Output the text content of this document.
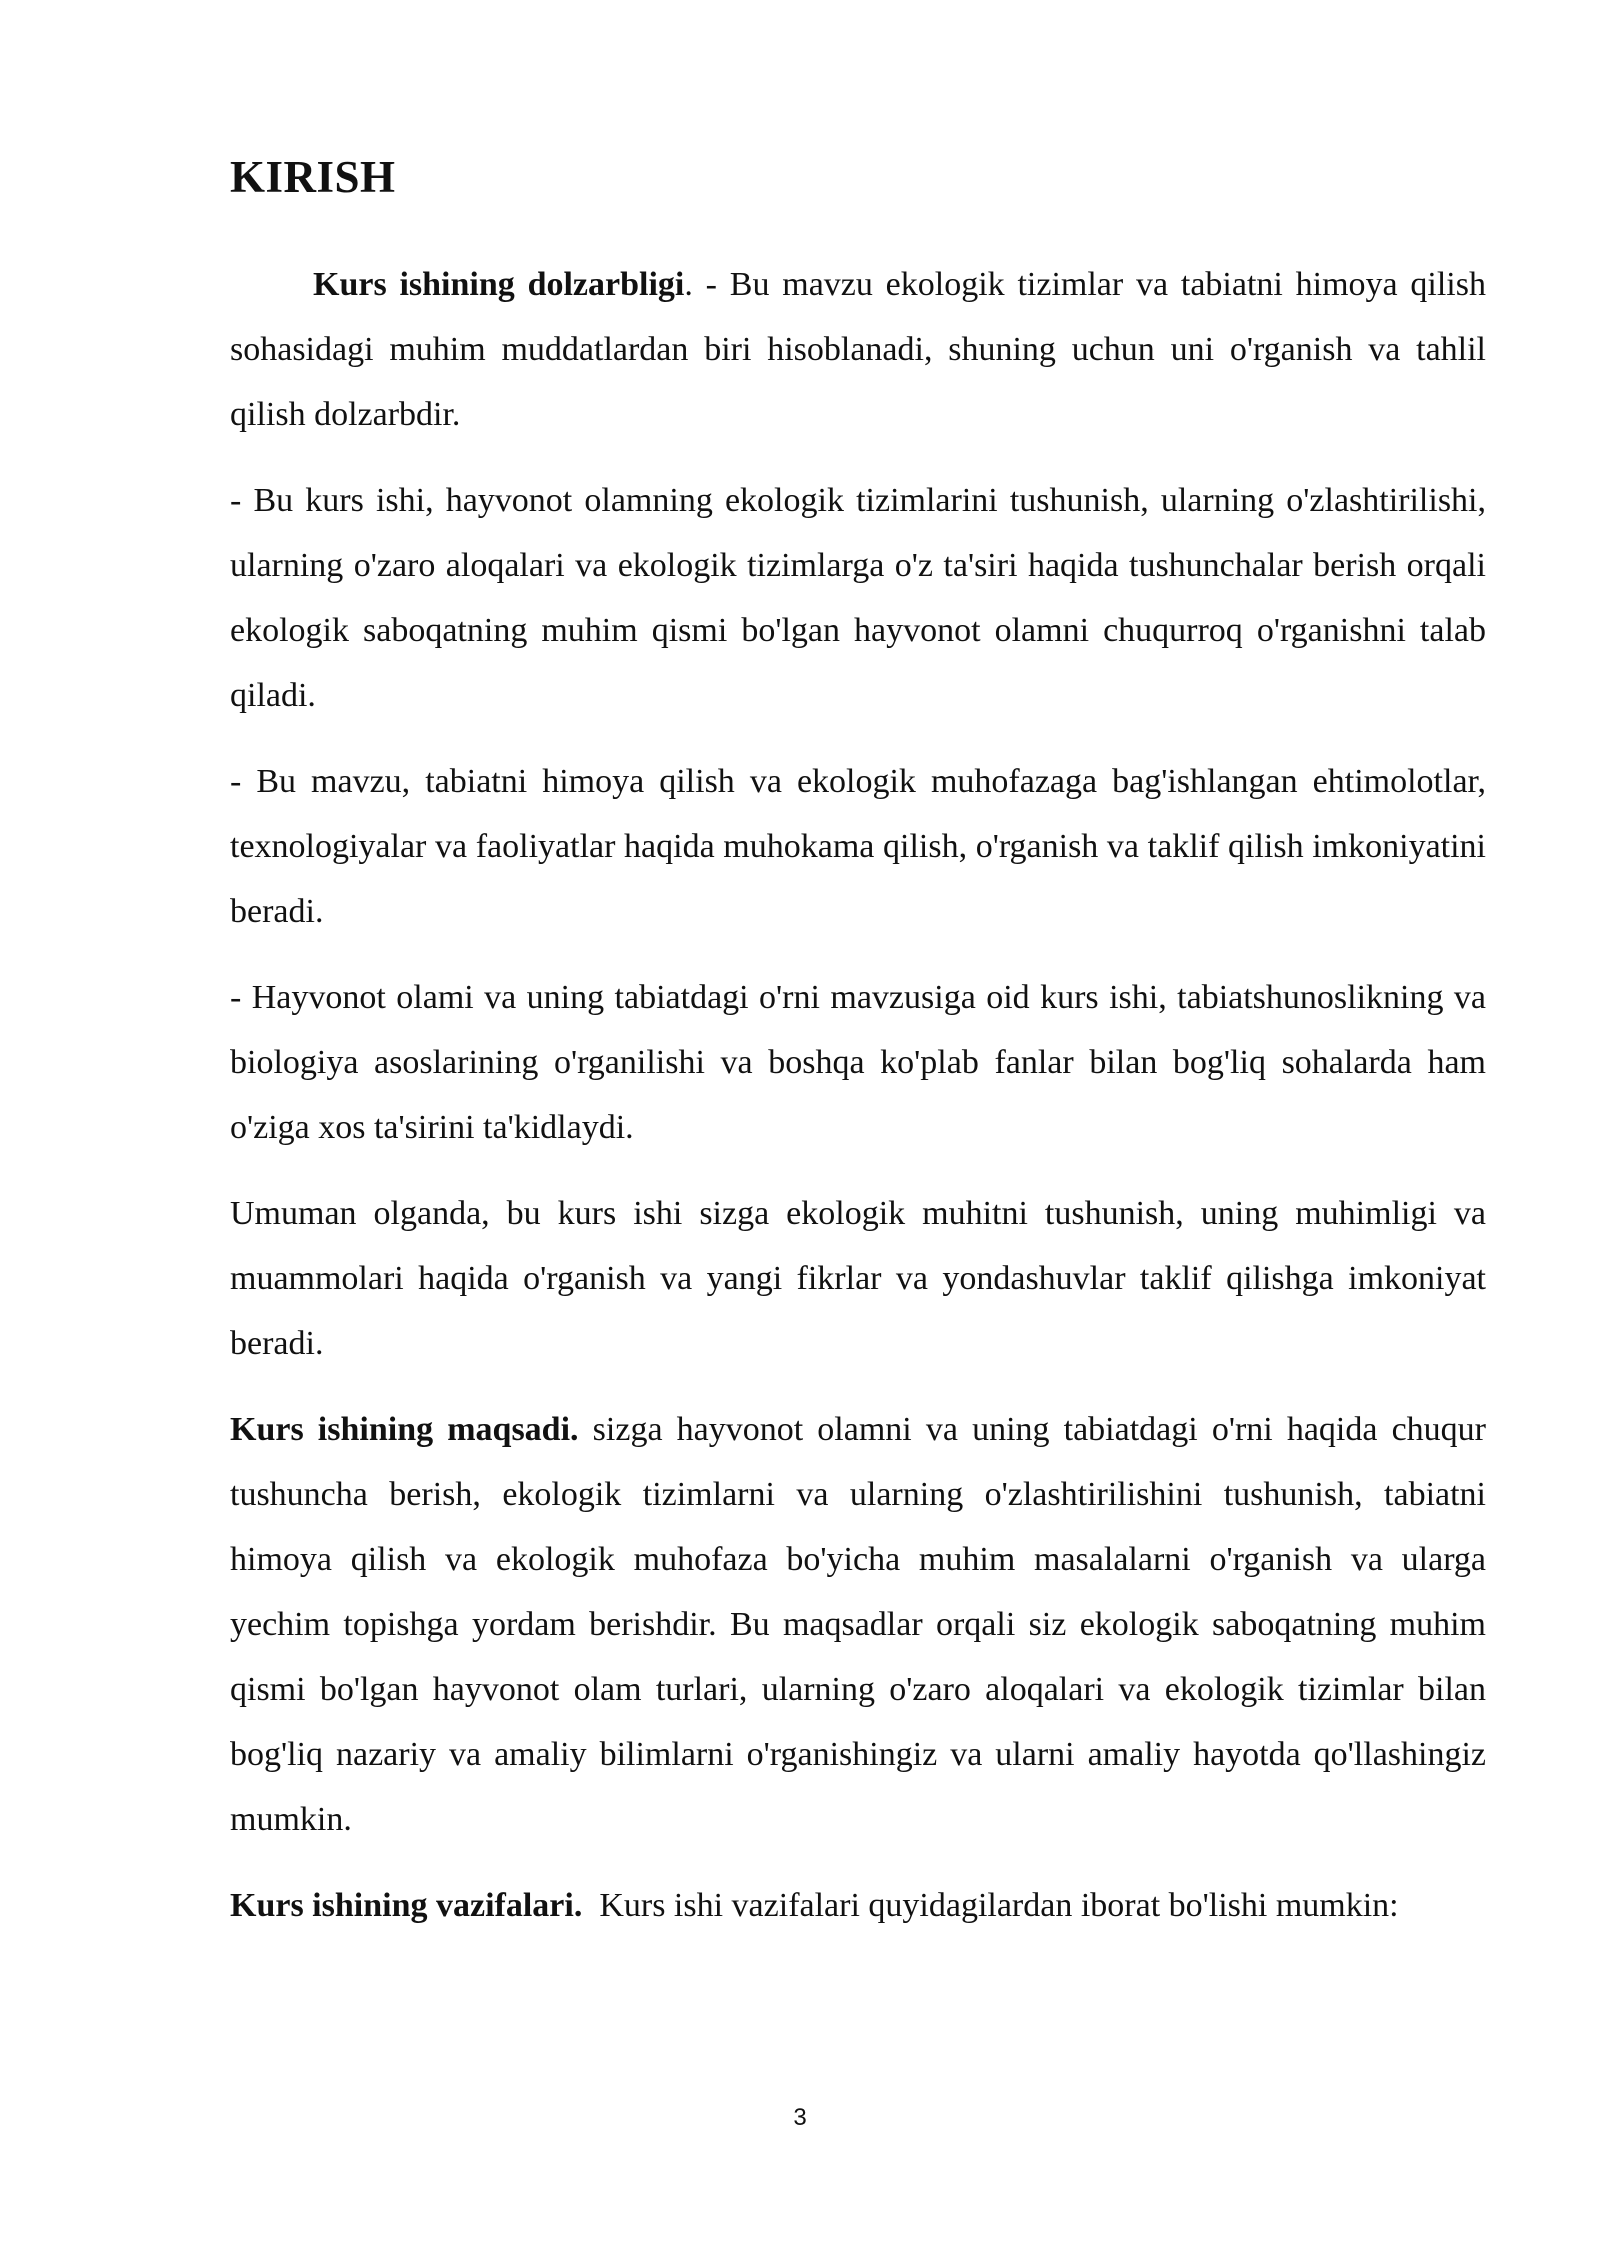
KIRISH

Kurs ishining dolzarbligi. - Bu mavzu ekologik tizimlar va tabiatni himoya qilish sohasidagi muhim muddatlardan biri hisoblanadi, shuning uchun uni o'rganish va tahlil qilish dolzarbdir.

- Bu kurs ishi, hayvonot olamning ekologik tizimlarini tushunish, ularning o'zlashtirilishi, ularning o'zaro aloqalari va ekologik tizimlarga o'z ta'siri haqida tushunchalar berish orqali ekologik saboqatning muhim qismi bo'lgan hayvonot olamni chuqurroq o'rganishni talab qiladi.

- Bu mavzu, tabiatni himoya qilish va ekologik muhofazaga bag'ishlangan ehtimolotlar, texnologiyalar va faoliyatlar haqida muhokama qilish, o'rganish va taklif qilish imkoniyatini beradi.

- Hayvonot olami va uning tabiatdagi o'rni mavzusiga oid kurs ishi, tabiatshunoslikning va biologiya asoslarining o'rganilishi va boshqa ko'plab fanlar bilan bog'liq sohalarda ham o'ziga xos ta'sirini ta'kidlaydi.

Umuman olganda, bu kurs ishi sizga ekologik muhitni tushunish, uning muhimligi va muammolari haqida o'rganish va yangi fikrlar va yondashuvlar taklif qilishga imkoniyat beradi.

Kurs ishining maqsadi. sizga hayvonot olamni va uning tabiatdagi o'rni haqida chuqur tushuncha berish, ekologik tizimlarni va ularning o'zlashtirilishini tushunish, tabiatni himoya qilish va ekologik muhofaza bo'yicha muhim masalalarni o'rganish va ularga yechim topishga yordam berishdir. Bu maqsadlar orqali siz ekologik saboqatning muhim qismi bo'lgan hayvonot olam turlari, ularning o'zaro aloqalari va ekologik tizimlar bilan bog'liq nazariy va amaliy bilimlarni o'rganishingiz va ularni amaliy hayotda qo'llashingiz mumkin.

Kurs ishining vazifalari.  Kurs ishi vazifalari quyidagilardan iborat bo'lishi mumkin:

3
